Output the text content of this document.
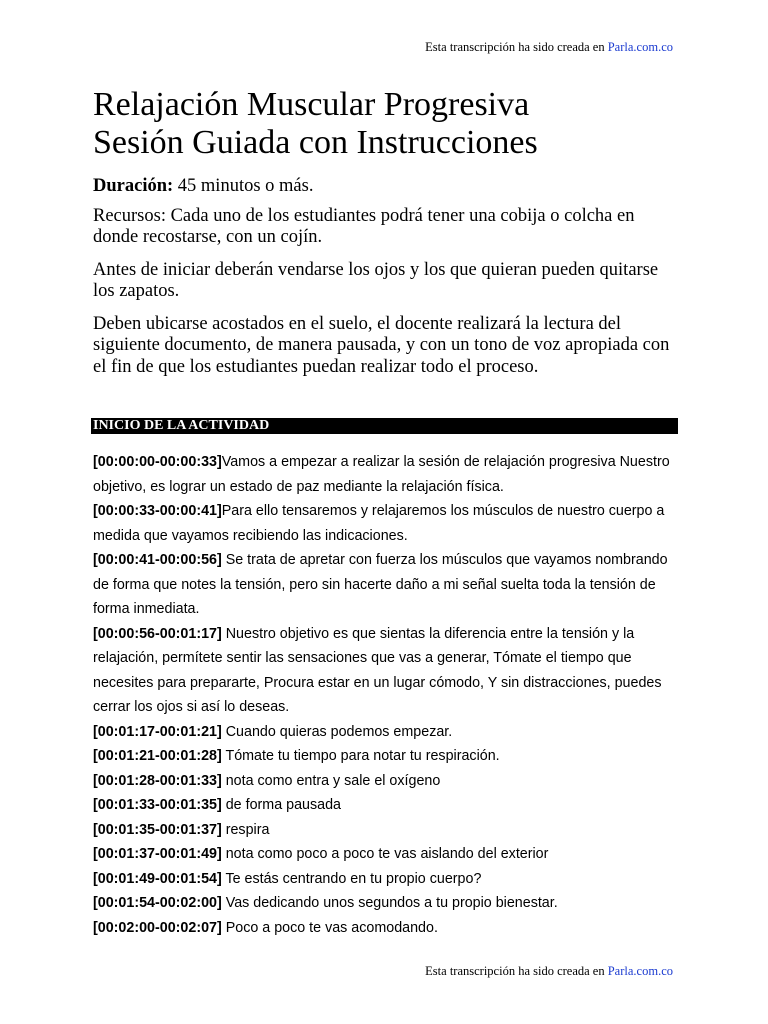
Esta transcripción ha sido creada en Parla.com.co
Relajación Muscular Progresiva
Sesión Guiada con Instrucciones

Duración: 45 minutos o más.

Recursos: Cada uno de los estudiantes podrá tener una cobija o colcha en donde recostarse, con un cojín.

Antes de iniciar deberán vendarse los ojos y los que quieran pueden quitarse los zapatos.

Deben ubicarse acostados en el suelo, el docente realizará la lectura del siguiente documento, de manera pausada, y con un tono de voz apropiada con el fin de que los estudiantes puedan realizar todo el proceso.

INICIO DE LA ACTIVIDAD

[00:00:00-00:00:33]Vamos a empezar a realizar la sesión de relajación progresiva Nuestro objetivo, es lograr un estado de paz mediante la relajación física.

[00:00:33-00:00:41]Para ello tensaremos y relajaremos los músculos de nuestro cuerpo a medida que vayamos recibiendo las indicaciones.

[00:00:41-00:00:56] Se trata de apretar con fuerza los músculos que vayamos nombrando de forma que notes la tensión, pero sin hacerte daño a mi señal suelta toda la tensión de forma inmediata.

[00:00:56-00:01:17] Nuestro objetivo es que sientas la diferencia entre la tensión y la relajación, permítete sentir las sensaciones que vas a generar, Tómate el tiempo que necesites para prepararte, Procura estar en un lugar cómodo, Y sin distracciones, puedes cerrar los ojos si así lo deseas.

[00:01:17-00:01:21] Cuando quieras podemos empezar.

[00:01:21-00:01:28] Tómate tu tiempo para notar tu respiración.

[00:01:28-00:01:33] nota como entra y sale el oxígeno

[00:01:33-00:01:35] de forma pausada

[00:01:35-00:01:37] respira

[00:01:37-00:01:49] nota como poco a poco te vas aislando del exterior

[00:01:49-00:01:54] Te estás centrando en tu propio cuerpo?

[00:01:54-00:02:00] Vas dedicando unos segundos a tu propio bienestar.

[00:02:00-00:02:07] Poco a poco te vas acomodando.

Esta transcripción ha sido creada en Parla.com.co
